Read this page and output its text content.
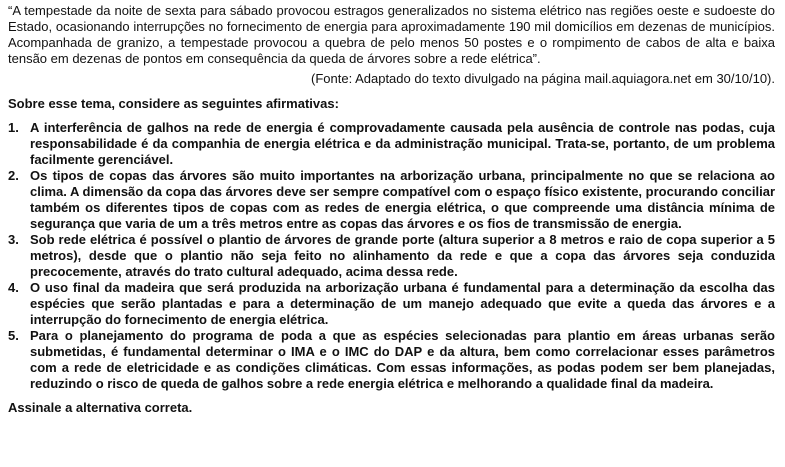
“A tempestade da noite de sexta para sábado provocou estragos generalizados no sistema elétrico nas regiões oeste e sudoeste do Estado, ocasionando interrupções no fornecimento de energia para aproximadamente 190 mil domicílios em dezenas de municípios. Acompanhada de granizo, a tempestade provocou a quebra de pelo menos 50 postes e o rompimento de cabos de alta e baixa tensão em dezenas de pontos em consequência da queda de árvores sobre a rede elétrica”.

(Fonte: Adaptado do texto divulgado na página mail.aquiagora.net em 30/10/10).

Sobre esse tema, considere as seguintes afirmativas:

1. A interferência de galhos na rede de energia é comprovadamente causada pela ausência de controle nas podas, cuja responsabilidade é da companhia de energia elétrica e da administração municipal. Trata-se, portanto, de um problema facilmente gerenciável.
2. Os tipos de copas das árvores são muito importantes na arborização urbana, principalmente no que se relaciona ao clima. A dimensão da copa das árvores deve ser sempre compatível com o espaço físico existente, procurando conciliar também os diferentes tipos de copas com as redes de energia elétrica, o que compreende uma distância mínima de segurança que varia de um a três metros entre as copas das árvores e os fios de transmissão de energia.
3. Sob rede elétrica é possível o plantio de árvores de grande porte (altura superior a 8 metros e raio de copa superior a 5 metros), desde que o plantio não seja feito no alinhamento da rede e que a copa das árvores seja conduzida precocemente, através do trato cultural adequado, acima dessa rede.
4. O uso final da madeira que será produzida na arborização urbana é fundamental para a determinação da escolha das espécies que serão plantadas e para a determinação de um manejo adequado que evite a queda das árvores e a interrupção do fornecimento de energia elétrica.
5. Para o planejamento do programa de poda a que as espécies selecionadas para plantio em áreas urbanas serão submetidas, é fundamental determinar o IMA e o IMC do DAP e da altura, bem como correlacionar esses parâmetros com a rede de eletricidade e as condições climáticas. Com essas informações, as podas podem ser bem planejadas, reduzindo o risco de queda de galhos sobre a rede energia elétrica e melhorando a qualidade final da madeira.

Assinale a alternativa correta.
